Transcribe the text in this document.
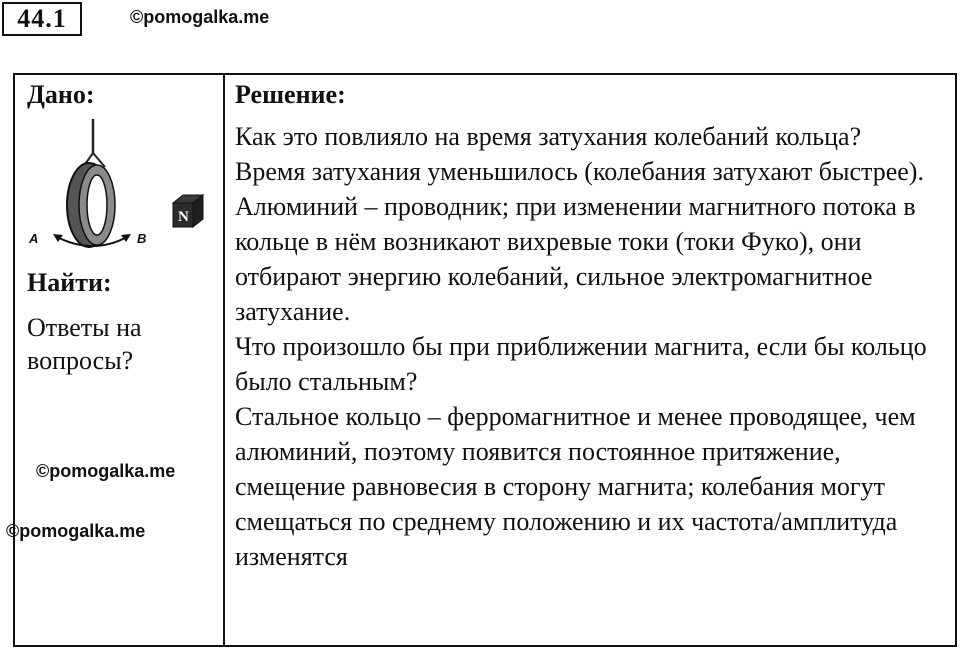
44.1	©pomogalka.me
Дано:
A	B
N
Найти:
Ответы на вопросы?
Решение:

Как это повлияло на время затухания колебаний кольца?

Время затухания уменьшилось (колебания затухают быстрее). Алюминий – проводник; при изменении магнитного потока в кольце в нём возникают вихревые токи (токи Фуко), они отбирают энергию колебаний, сильное электромагнитное затухание.

Что произошло бы при приближении магнита, если бы кольцо было стальным?

Стальное кольцо – ферромагнитное и менее проводящее, чем алюминий, поэтому появится постоянное притяжение, смещение равновесия в сторону магнита; колебания могут смещаться по среднему положению и их частота/амплитуда изменятся

©pomogalka.me
©pomogalka.me
